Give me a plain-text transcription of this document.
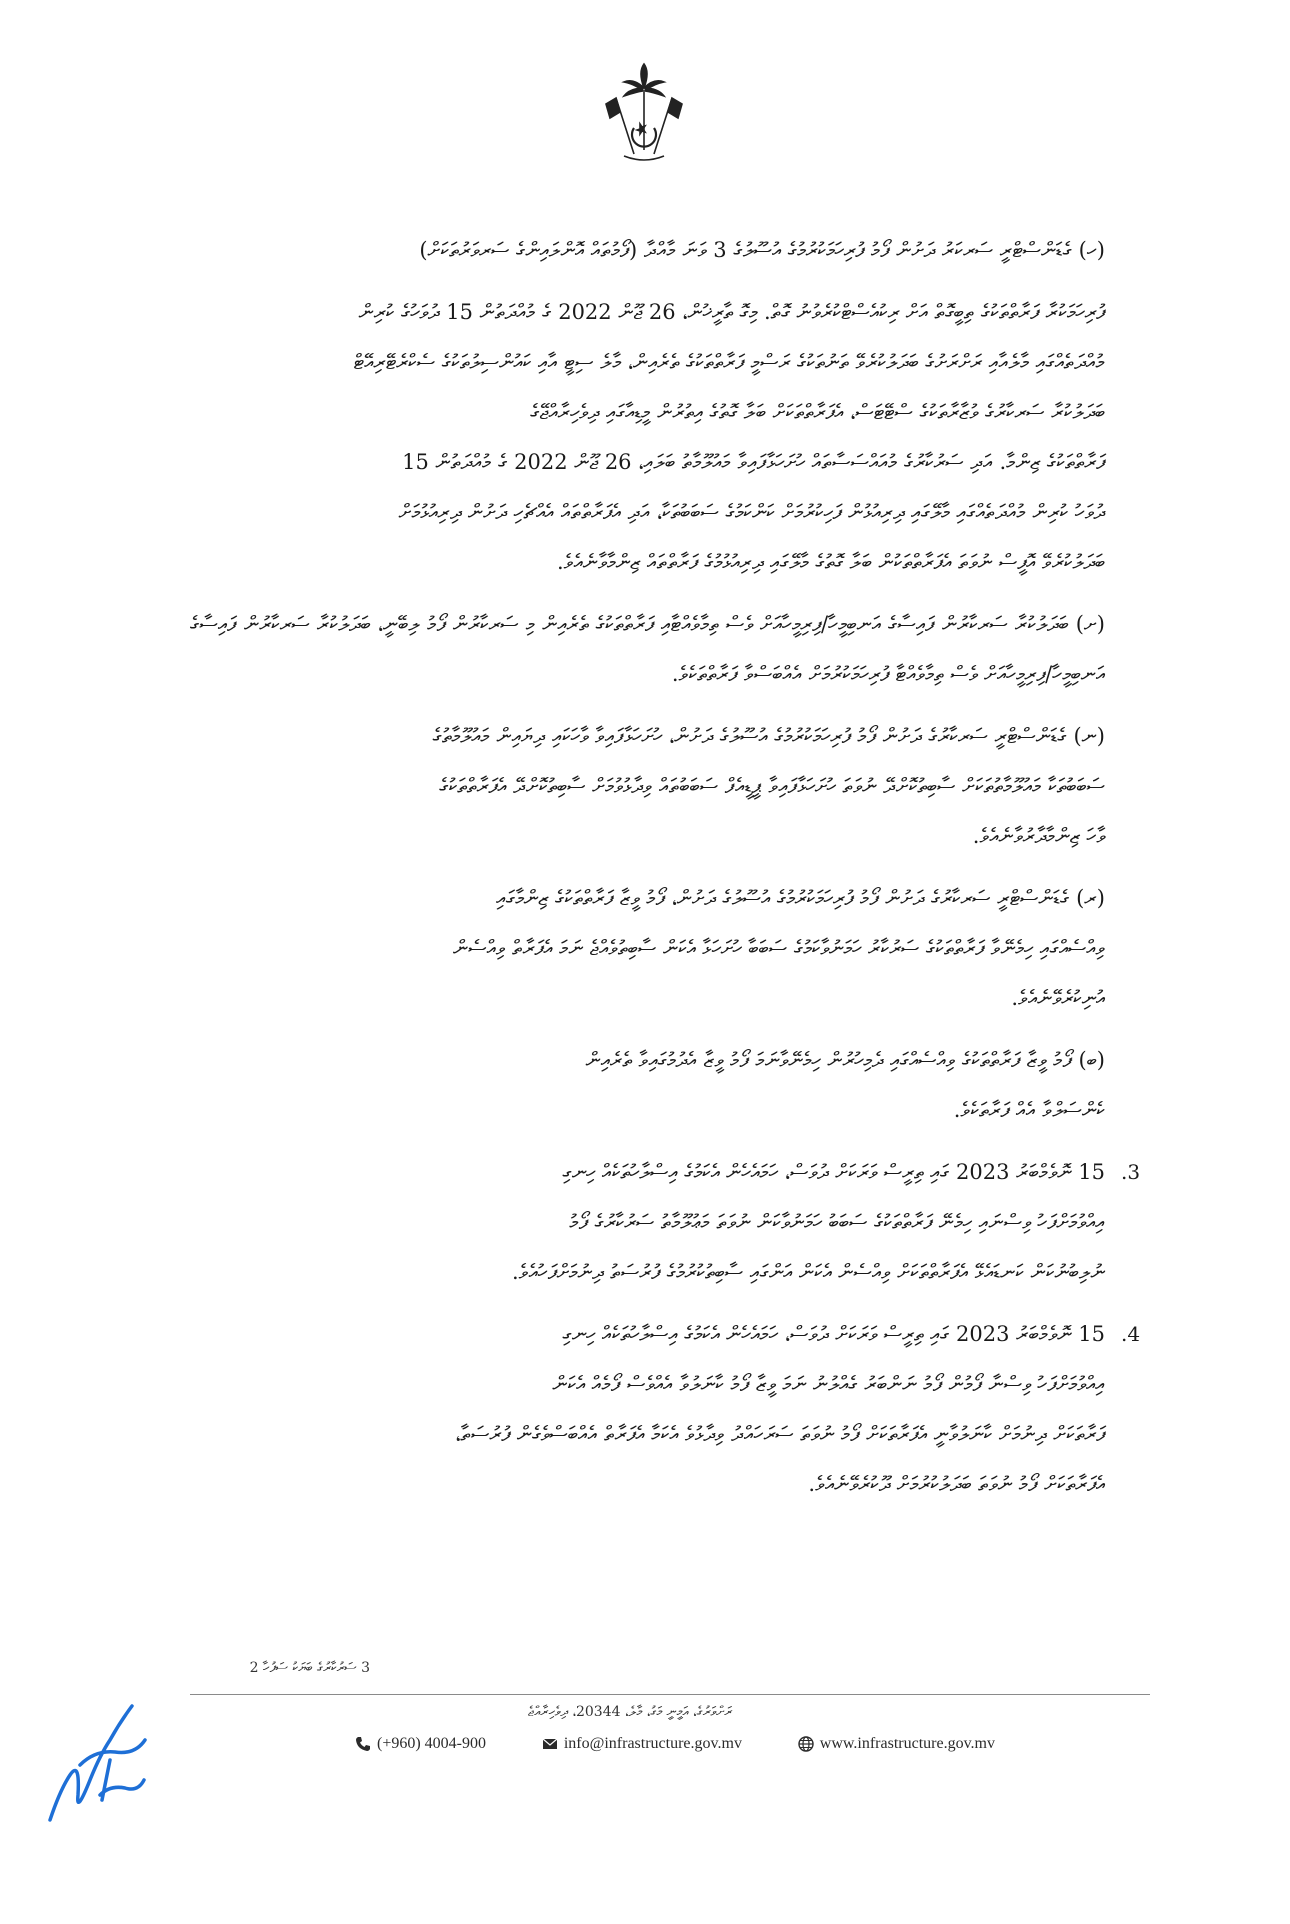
(ހ) ގެޑަންސްޓްރީ ސަރކަރު ދަށުން ފޯމު ފުރިހަމަކުރުމުގެ އުސޫލުގެ 3 ވަނަ މާއްދާ (ފޯމުތައް އޮންލައިންގެ ސަރވަރުތަކަށް)

ފުރިހަމަކުރާ ފަރާތްތަކުގެ ތިބީގޮތް އަށް ރިކުއެސްޓްކުރެވުނު ގޮތް. މިގޮ ތާރީޚުން، 26 ޖޫން 2022 ގެ މުއްދަތުން 15 ދުވަހުގެ ކުރިން

މުއްދަތެއްގައި މާލެއާއި ރަށްރަށުގެ ބަދަލުކުރެވޭ ތަނުތަކުގެ ރަސްމީ ފަރާތްތަކުގެ ތެރެއިން، މާލެ ސިޓީ އާއި ކައުންސިލުތަކުގެ ސެކްރެޓޭރިއޭޓް

ބަދަލުކުރާ ސަރކާރުގެ ވުޒާރާތަކުގެ ސްޓޭޓަސް، އެފަރާތްތަކަށް ބަލާ ގޮތުގެ އިތުރުން މީޑިއާގައި ދިވެހިރާއްޖޭގެ

ފަރާތްތަކުގެ ޒިންމާ. އަދި ސަރުކާރުގެ މުއައްސަސާތައް ހުށަހަޅާފައިވާ މައުލޫމާތު ބަލައި، 26 ޖޫން 2022 ގެ މުއްދަތުން 15

ދުވަހު ކުރިން މުއްދަތެއްގައި މާލޭގައި ދިރިއުޅުން ފަހިކުރުމަށް ކަންކަމުގެ ސަބަބުތަކާ، އަދި އެފަރާތްތައް އެއްޗެހި ދަށުން ދިރިއުޅުމަށް

ބަދަލުކުރެވޭ އޮފީސް ނުވަތަ އެފަރާތްތަކުން ބަލާ ގޮތުގެ މާލޭގައި ދިރިއުޅުމުގެ ފަރާތްތައް ޒިންމާވާނެއެވެ.

(ށ) ބަދަލުކުރާ ސަރކާރުން ފައިސާގެ އަނބިމީހާ/ފިރިމީހާއަށް ވެސް ތިމާވެއްޓާއި ފަރާތްތަކުގެ ތެރެއިން މި ސަރކާރުން ފޯމު ލިބޭނީ، ބަދަލުކުރާ ސަރކާރުން ފައިސާގެ އަނބިމީހާ/ފިރިމީހާއަށް ވެސް ތިމާވެއްޓާ ފުރިހަމަކުރުމަށް އެއްބަސްވާ ފަރާތްތަކެވެ.

(ނ) ގެޑަންސްޓްރީ ސަރކާރުގެ ދަށުން ފޯމު ފުރިހަމަކުރުމުގެ އުސޫލުގެ ދަށުން، ހުށަހަޅާފައިވާ ވާހަކައި ދިޔައިން މައުލޫމާތުގެ

ސަބަބުތަކާ މައުލޫމާތުތަކަށް ސާބިތުކޮށްދޭ ނުވަތަ ހުށަހަޅާފައިވާ ޕީޑީއެފް ސަބަބުތައް ވިދާޅުވުމަށް ސާބިތުކޮށްދޭ އެފަރާތްތަކުގެ

ވާހަ ޒިންމާދާރުވާނެއެވެ.

(ރ) ގެޑަންސްޓްރީ ސަރކާރުގެ ދަށުން ފޯމު ފުރިހަމަކުރުމުގެ އުސޫލުގެ ދަށުން، ފޯމު ވީޒާ ފަރާތްތަކުގެ ޒިންމާގައި

ވިއްސެއްގައި ހިމެނޭވާ ފަރާތްތަކުގެ ސަރުކާރު ހަމަނުވާކަމުގެ ސަބަބާ ހުށަހަޅާ އެކަން ސާބިތުވެއްޖެ ނަމަ އެފަރާތް ވިއްސެން

އުނިކުރެވޭނެއެވެ.

(ބ) ފޯމު ވީޒާ ފަރާތްތަކުގެ ވިއްސެއްގައި ދެމިހުރުން ހިމެނޭވާނަމަ ފޯމު ވީޒާ އެދުމުގައިވާ ތެރެއިން

ކެންސަލްވާ އެއް ފަރާތަކެވެ.

.3
15 ނޮވެމްބަރު 2023 ގައި ތިރީސް ވަރަކަށް ދުވަސް، ހަމައެހެން އެކަމުގެ އިސްލާހުތަކެއް ހިނގި

އިއްވުމަށްފަހު ވިސްނައި ހިމެނޭ ފަރާތްތަކުގެ ސަބަބު ހަމަނުވާކަން ނުވަތަ މަޢުލޫމާތު ސަރުކާރުގެ ފޯމު

ނުލިބުނުކަން ކަނޑައެޅޭ އެފަރާތްތަކަށް ވިއްސެން އެކަން އަންގައި ސާބިތުކުރުމުގެ ފުރުސަތު ދިނުމަށްފަހުއެވެ.

.4
15 ނޮވެމްބަރު 2023 ގައި ތިރީސް ވަރަކަށް ދުވަސް، ހަމައެހެން އެކަމުގެ އިސްލާހުތަކެއް ހިނގި

އިއްވުމަށްފަހު ވިސްނާ ފޯމުން ފޯމު ނަންބަރު ގެއްލުނު ނަމަ ވީޒާ ފޯމު ކާނަލުވާ އެއްވެސް ފޯމެއް އެކަން

ފަރާތަކަށް ދިނުމަށް ކާނަލުވާނީ އެފަރާތަކަށް ފޯމު ނުވަތަ ސަރަހައްދު ވިދާޅުވެ އެކަމާ އެފަރާތް އެއްބަސްވެގެން ފުރުސަތާ،

އެފަރާތަކަށް ފޯމު ނުވަތަ ބަދަލުކުރުމަށް ދޫކުރެވޭނެއެވެ.

3 ސަރުކާރުގެ ބަޔަކު ސަފުހާ 2
ރަށްވަރުގެ، އަމީނީ މަގު، މާލެ، 20344، ދިވެހިރާއްޖެ
(+960) 4004-900	info@infrastructure.gov.mv	www.infrastructure.gov.mv
